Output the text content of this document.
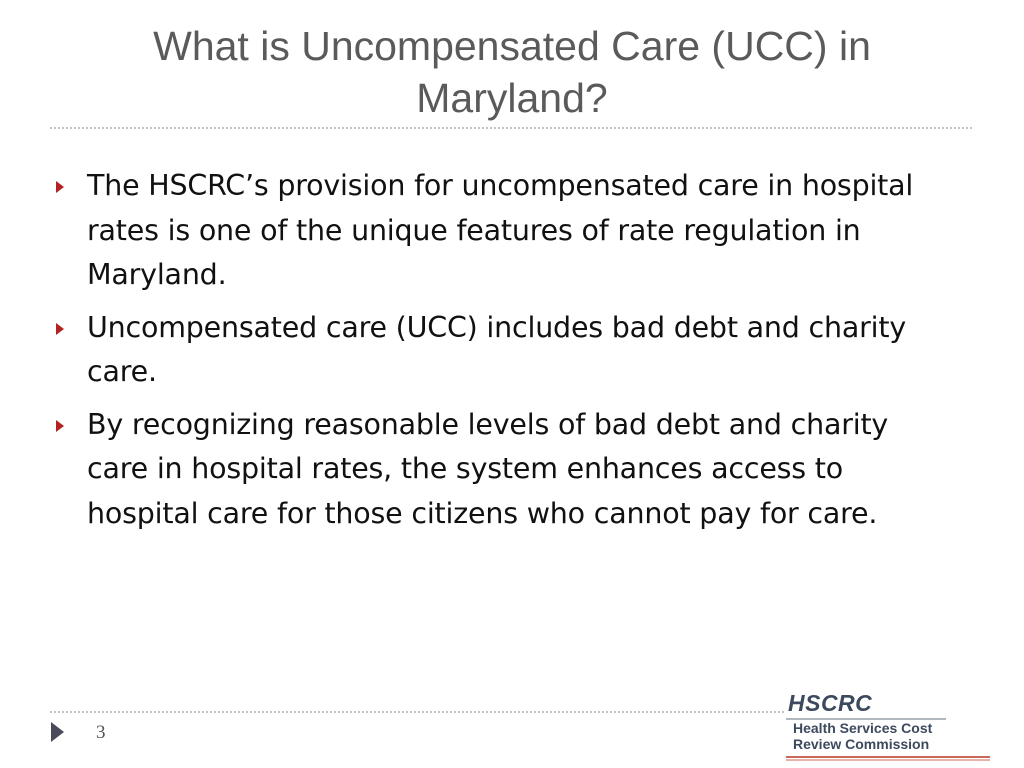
What is Uncompensated Care (UCC) in Maryland?
The HSCRC’s provision for uncompensated care in hospital rates is one of the unique features of rate regulation in Maryland.
Uncompensated care (UCC) includes bad debt and charity care.
By recognizing reasonable levels of bad debt and charity care in hospital rates, the system enhances access to hospital care for those citizens who cannot pay for care.
3
HSCRC
Health Services Cost
Review Commission
